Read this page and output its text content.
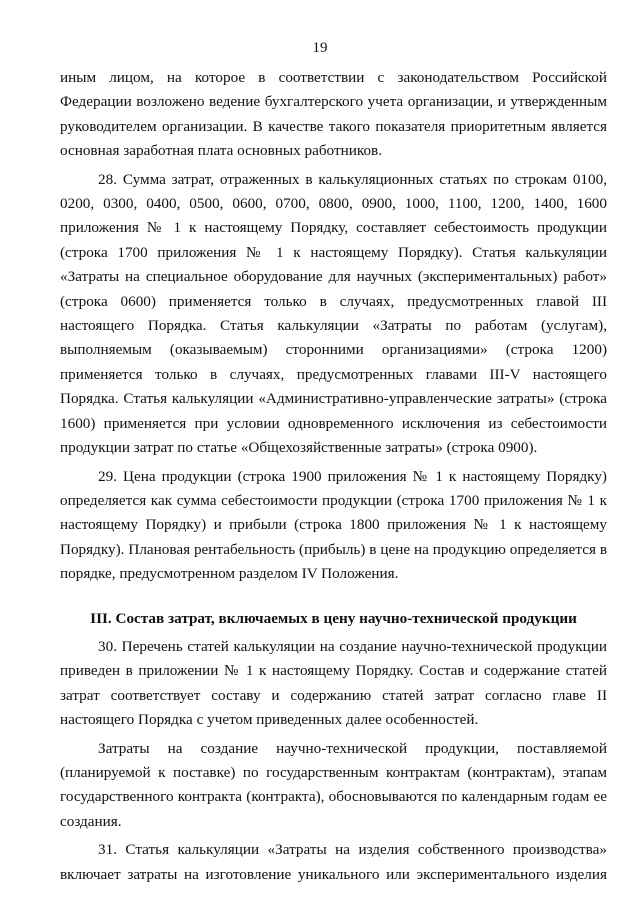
19

иным лицом, на которое в соответствии с законодательством Российской Федерации возложено ведение бухгалтерского учета организации, и утвержденным руководителем организации. В качестве такого показателя приоритетным является основная заработная плата основных работников.

28. Сумма затрат, отраженных в калькуляционных статьях по строкам 0100, 0200, 0300, 0400, 0500, 0600, 0700, 0800, 0900, 1000, 1100, 1200, 1400, 1600 приложения № 1 к настоящему Порядку, составляет себестоимость продукции (строка 1700 приложения № 1 к настоящему Порядку). Статья калькуляции «Затраты на специальное оборудование для научных (экспериментальных) работ» (строка 0600) применяется только в случаях, предусмотренных главой III настоящего Порядка. Статья калькуляции «Затраты по работам (услугам), выполняемым (оказываемым) сторонними организациями» (строка 1200) применяется только в случаях, предусмотренных главами III-V настоящего Порядка. Статья калькуляции «Административно-управленческие затраты» (строка 1600) применяется при условии одновременного исключения из себестоимости продукции затрат по статье «Общехозяйственные затраты» (строка 0900).

29. Цена продукции (строка 1900 приложения № 1 к настоящему Порядку) определяется как сумма себестоимости продукции (строка 1700 приложения № 1 к настоящему Порядку) и прибыли (строка 1800 приложения № 1 к настоящему Порядку). Плановая рентабельность (прибыль) в цене на продукцию определяется в порядке, предусмотренном разделом IV Положения.

III. Состав затрат, включаемых в цену научно-технической продукции

30. Перечень статей калькуляции на создание научно-технической продукции приведен в приложении № 1 к настоящему Порядку. Состав и содержание статей затрат соответствует составу и содержанию статей затрат согласно главе II настоящего Порядка с учетом приведенных далее особенностей.

Затраты на создание научно-технической продукции, поставляемой (планируемой к поставке) по государственным контрактам (контрактам), этапам государственного контракта (контракта), обосновываются по календарным годам ее создания.

31. Статья калькуляции «Затраты на изделия собственного производства» включает затраты на изготовление уникального или экспериментального изделия
